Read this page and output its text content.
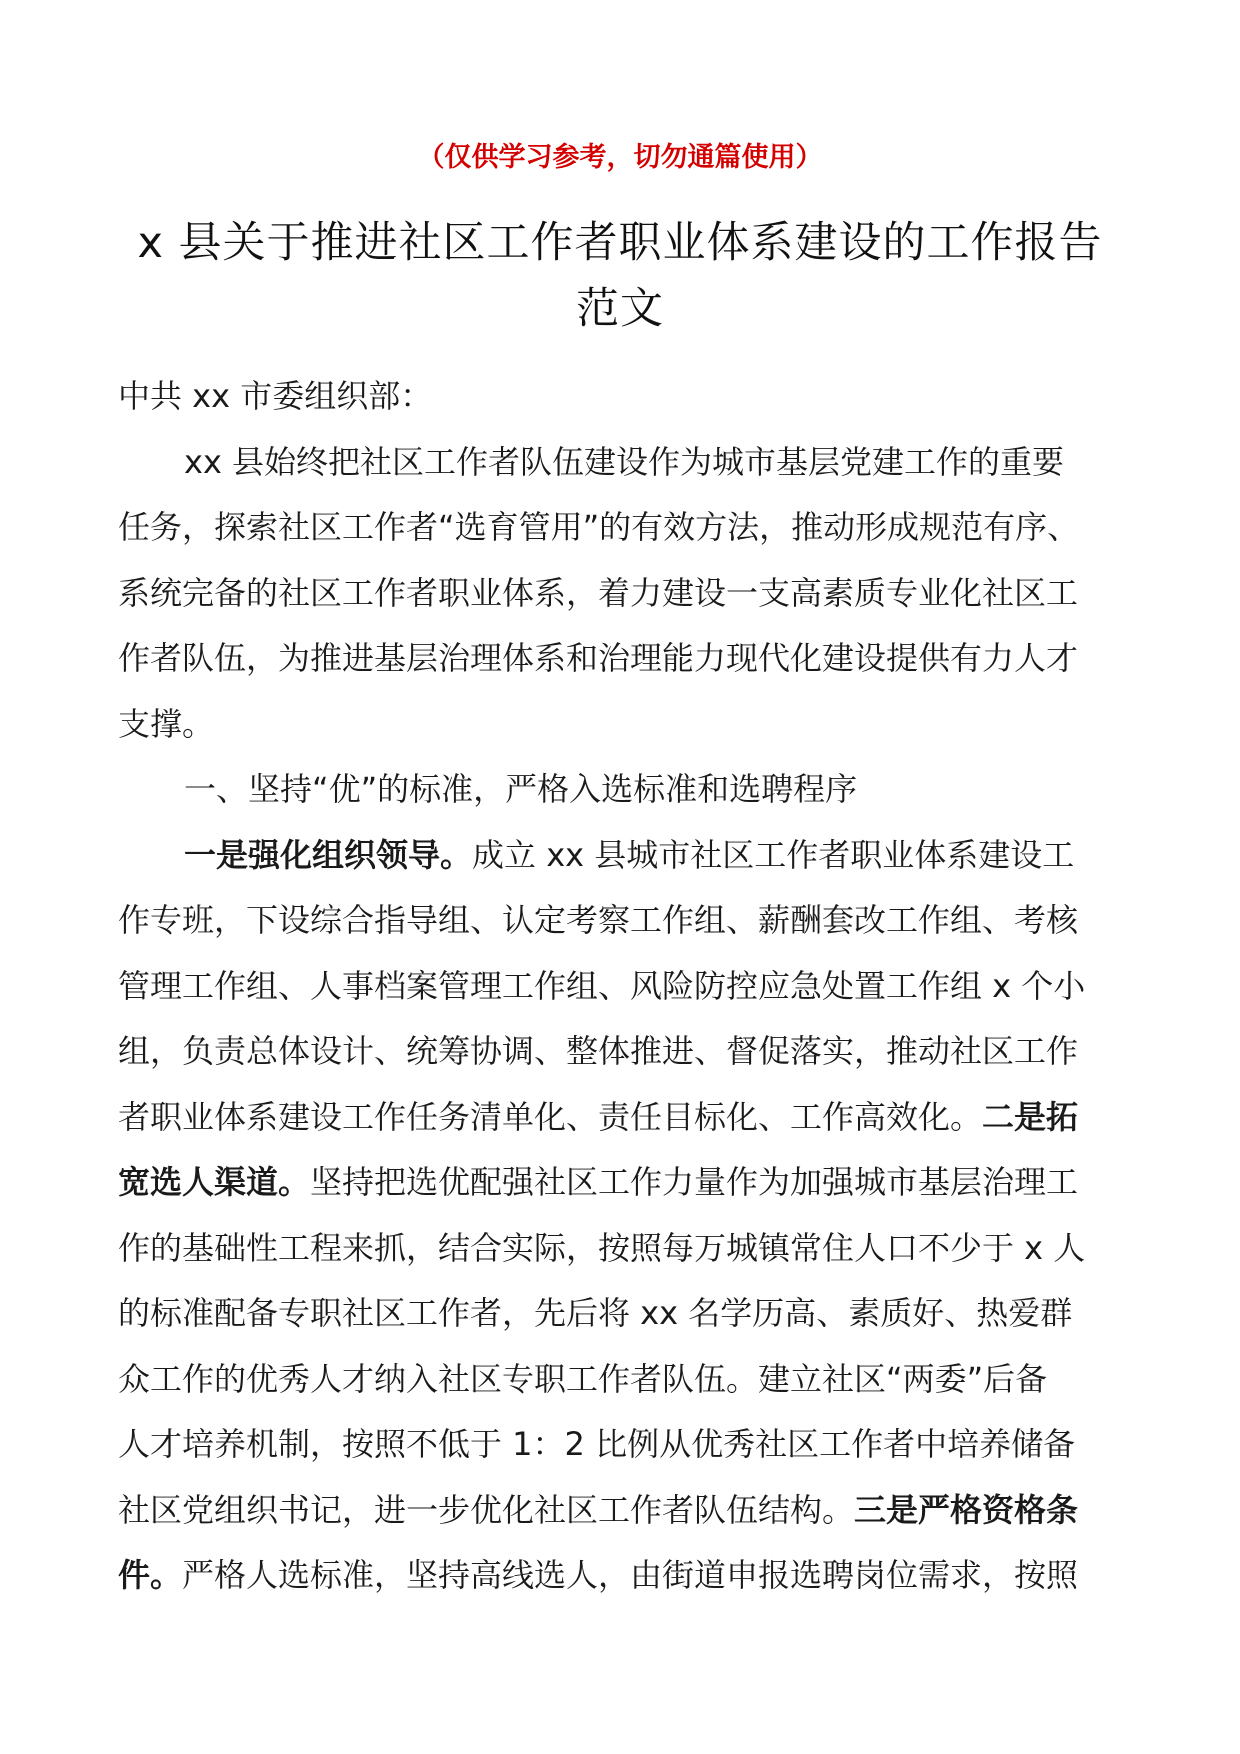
（仅供学习参考，切勿通篇使用）
x 县关于推进社区工作者职业体系建设的工作报告
范文
中共 xx 市委组织部：
xx 县始终把社区工作者队伍建设作为城市基层党建工作的重要
任务，探索社区工作者“选育管用”的有效方法，推动形成规范有序、
系统完备的社区工作者职业体系，着力建设一支高素质专业化社区工
作者队伍，为推进基层治理体系和治理能力现代化建设提供有力人才
支撑。
一、坚持“优”的标准，严格入选标准和选聘程序
一是强化组织领导。成立 xx 县城市社区工作者职业体系建设工
作专班，下设综合指导组、认定考察工作组、薪酬套改工作组、考核
管理工作组、人事档案管理工作组、风险防控应急处置工作组 x 个小
组，负责总体设计、统筹协调、整体推进、督促落实，推动社区工作
者职业体系建设工作任务清单化、责任目标化、工作高效化。二是拓
宽选人渠道。坚持把选优配强社区工作力量作为加强城市基层治理工
作的基础性工程来抓，结合实际，按照每万城镇常住人口不少于 x 人
的标准配备专职社区工作者，先后将 xx 名学历高、素质好、热爱群
众工作的优秀人才纳入社区专职工作者队伍。建立社区“两委”后备
人才培养机制，按照不低于 1：2 比例从优秀社区工作者中培养储备
社区党组织书记，进一步优化社区工作者队伍结构。三是严格资格条
件。严格人选标准，坚持高线选人，由街道申报选聘岗位需求，按照
